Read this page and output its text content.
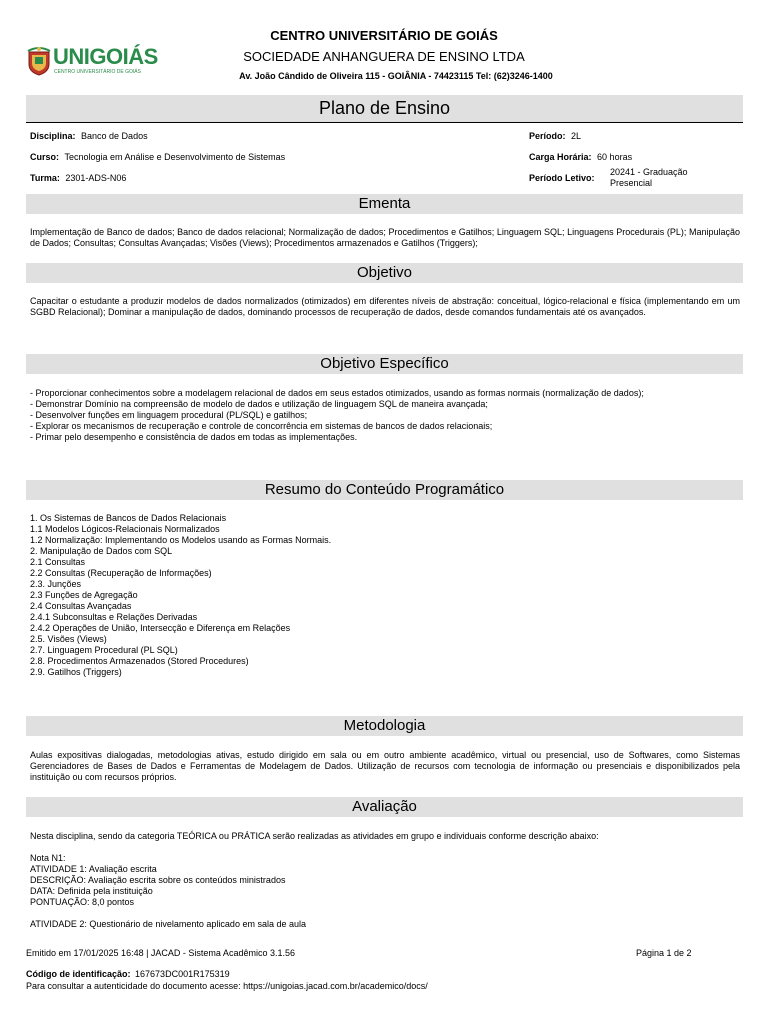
UNIGOIÁS
CENTRO UNIVERSITÁRIO DE GOIÁS
CENTRO UNIVERSITÁRIO DE GOIÁS
SOCIEDADE ANHANGUERA DE ENSINO LTDA
Av. João Cândido de Oliveira 115 - GOIÂNIA - 74423115 Tel: (62)3246-1400
Plano de Ensino
Disciplina: Banco de Dados
Curso: Tecnologia em Análise e Desenvolvimento de Sistemas
Turma: 2301-ADS-N06
Período: 2L
Carga Horária: 60 horas
Período Letivo:
20241 - Graduação
Presencial
Ementa
Implementação de Banco de dados; Banco de dados relacional; Normalização de dados; Procedimentos e Gatilhos; Linguagem SQL; Linguagens Procedurais (PL); Manipulação de Dados; Consultas; Consultas Avançadas; Visões (Views); Procedimentos armazenados e Gatilhos (Triggers);
Objetivo
Capacitar o estudante a produzir modelos de dados normalizados (otimizados) em diferentes níveis de abstração: conceitual, lógico-relacional e física (implementando em um SGBD Relacional); Dominar a manipulação de dados, dominando processos de recuperação de dados, desde comandos fundamentais até os avançados.
Objetivo Específico
- Proporcionar conhecimentos sobre a modelagem relacional de dados em seus estados otimizados, usando as formas normais (normalização de dados);
- Demonstrar Domínio na compreensão de modelo de dados e utilização de linguagem SQL de maneira avançada;
- Desenvolver funções em linguagem procedural (PL/SQL) e gatilhos;
- Explorar os mecanismos de recuperação e controle de concorrência em sistemas de bancos de dados relacionais;
- Primar pelo desempenho e consistência de dados em todas as implementações.
Resumo do Conteúdo Programático
1. Os Sistemas de Bancos de Dados Relacionais
1.1 Modelos Lógicos-Relacionais Normalizados
1.2 Normalização: Implementando os Modelos usando as Formas Normais.
2. Manipulação de Dados com SQL
2.1 Consultas
2.2 Consultas (Recuperação de Informações)
2.3. Junções
2.3 Funções de Agregação
2.4 Consultas Avançadas
2.4.1 Subconsultas e Relações Derivadas
2.4.2 Operações de União, Intersecção e Diferença em Relações
2.5. Visões (Views)
2.7. Linguagem Procedural (PL SQL)
2.8. Procedimentos Armazenados (Stored Procedures)
2.9. Gatilhos (Triggers)
Metodologia
Aulas expositivas dialogadas, metodologias ativas, estudo dirigido em sala ou em outro ambiente acadêmico, virtual ou presencial, uso de Softwares, como Sistemas Gerenciadores de Bases de Dados e Ferramentas de Modelagem de Dados. Utilização de recursos com tecnologia de informação ou presenciais e disponibilizados pela instituição ou com recursos próprios.
Avaliação
Nesta disciplina, sendo da categoria TEÓRICA ou PRÁTICA serão realizadas as atividades em grupo e individuais conforme descrição abaixo:
Nota N1:
ATIVIDADE 1: Avaliação escrita
DESCRIÇÃO: Avaliação escrita sobre os conteúdos ministrados
DATA: Definida pela instituição
PONTUAÇÃO: 8,0 pontos
ATIVIDADE 2: Questionário de nivelamento aplicado em sala de aula
Emitido em 17/01/2025 16:48 | JACAD - Sistema Acadêmico 3.1.56	Página 1 de 2
Código de identificação: 167673DC001R175319
Para consultar a autenticidade do documento acesse: https://unigoias.jacad.com.br/academico/docs/
